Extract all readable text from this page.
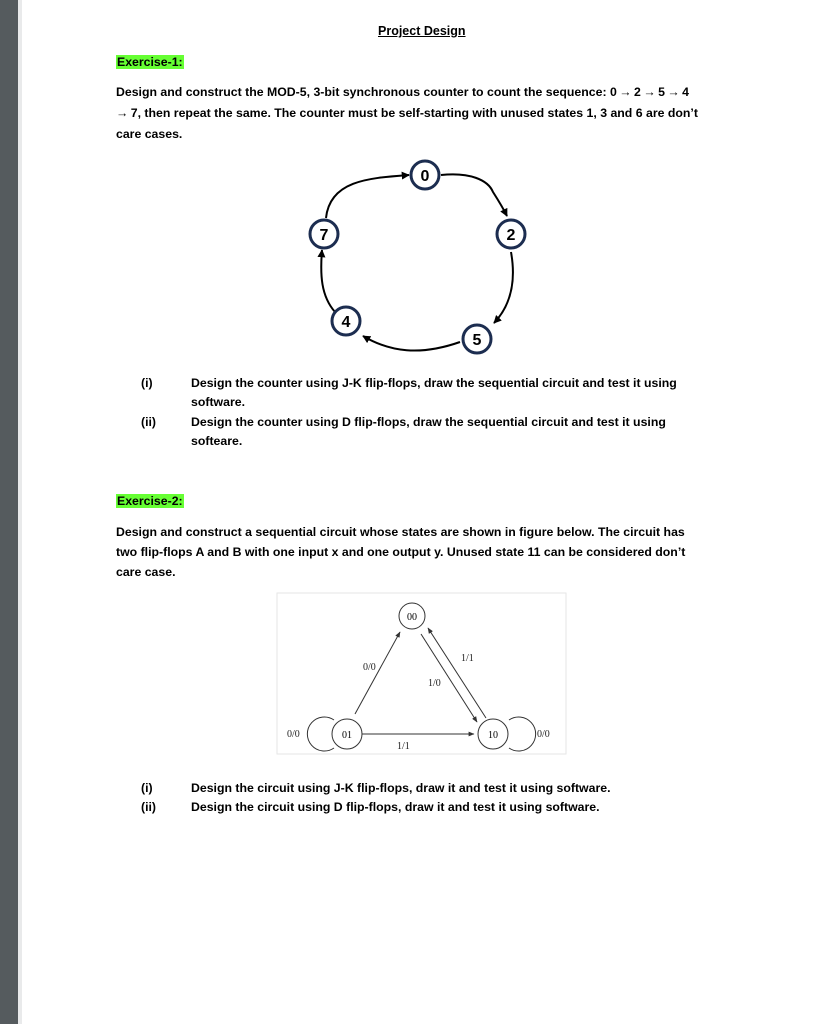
Project Design
Exercise-1:
Design and construct the MOD-5, 3-bit synchronous counter to count the sequence: 0 → 2 → 5 → 4
→ 7, then repeat the same. The counter must be self-starting with unused states 1, 3 and 6 are don’t
care cases.
0
2
5
4
7
00
01	10
0/0
1/1
1/0
1/1
0/0	0/0
(i)	Design the counter using J-K flip-flops, draw the sequential circuit and test it using
software.
(ii)	Design the counter using D flip-flops, draw the sequential circuit and test it using
softeare.
Exercise-2:
Design and construct a sequential circuit whose states are shown in figure below. The circuit has
two flip-flops A and B with one input x and one output y. Unused state 11 can be considered don’t
care case.
(i)	Design the circuit using J-K flip-flops, draw it and test it using software.
(ii)	Design the circuit using D flip-flops, draw it and test it using software.
